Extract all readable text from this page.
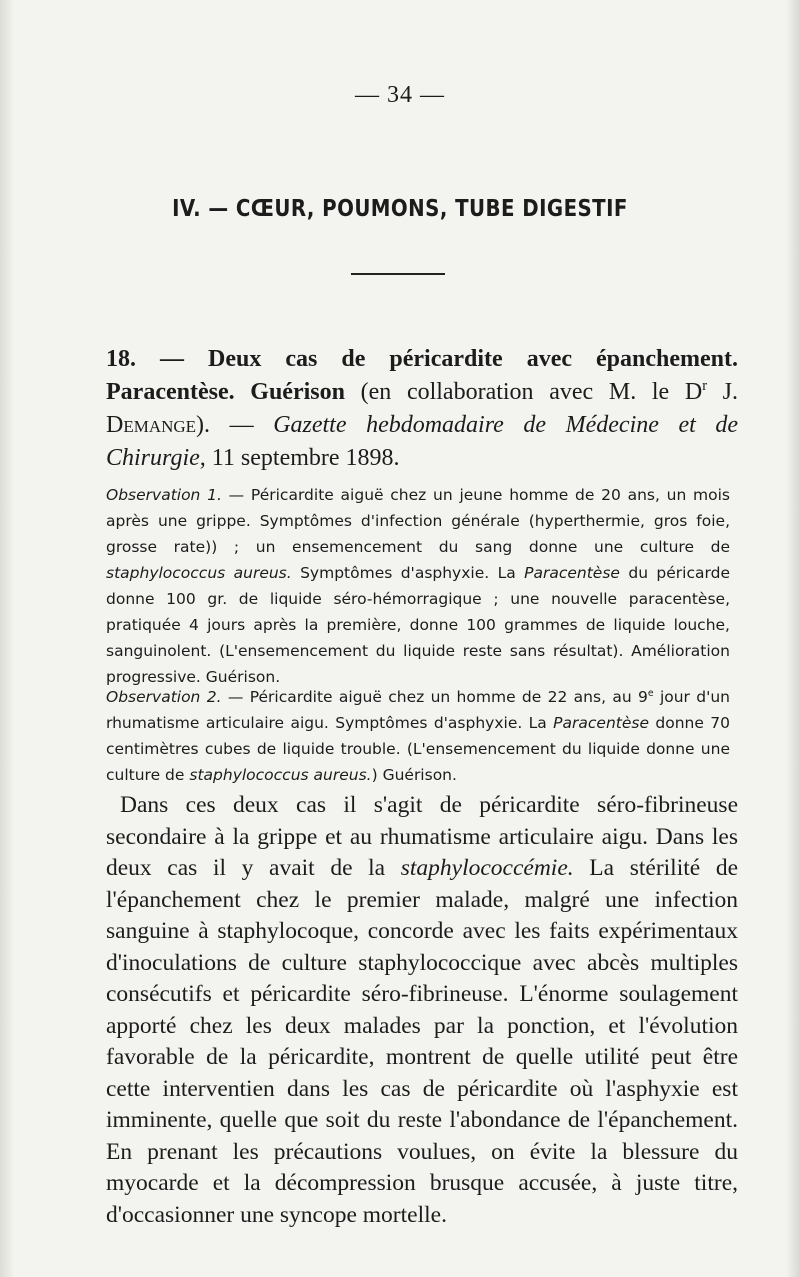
— 34 —
IV. — CŒUR, POUMONS, TUBE DIGESTIF
18. — Deux cas de péricardite avec épanchement. Paracentèse. Guérison (en collaboration avec M. le $D^r$ J. Demange). — Gazette hebdomadaire de Médecine et de Chirurgie, 11 septembre 1898.
Observation 1. — Péricardite aiguë chez un jeune homme de 20 ans, un mois après une grippe. Symptômes d'infection générale (hyperthermie, gros foie, grosse rate)) ; un ensemencement du sang donne une culture de staphylococcus aureus. Symptômes d'asphyxie. La Paracentèse du péricarde donne 100 gr. de liquide séro-hémorragique ; une nouvelle paracentèse, pratiquée 4 jours après la première, donne 100 grammes de liquide louche, sanguinolent. (L'ensemencement du liquide reste sans résultat). Amélioration progressive. Guérison.
Observation 2. — Péricardite aiguë chez un homme de 22 ans, au 9e jour d'un rhumatisme articulaire aigu. Symptômes d'asphyxie. La Paracentèse donne 70 centimètres cubes de liquide trouble. (L'ensemencement du liquide donne une culture de staphylococcus aureus.) Guérison.

Dans ces deux cas il s'agit de péricardite séro-fibrineuse secondaire à la grippe et au rhumatisme articulaire aigu. Dans les deux cas il y avait de la staphylococcémie. La stérilité de l'épanchement chez le premier malade, malgré une infection sanguine à staphylocoque, concorde avec les faits expérimentaux d'inoculations de culture staphylococcique avec abcès multiples consécutifs et péricardite séro-fibrineuse. L'énorme soulagement apporté chez les deux malades par la ponction, et l'évolution favorable de la péricardite, montrent de quelle utilité peut être cette interventien dans les cas de péricardite où l'asphyxie est imminente, quelle que soit du reste l'abondance de l'épanchement. En prenant les précautions voulues, on évite la blessure du myocarde et la décompression brusque accusée, à juste titre, d'occasionner une syncope mortelle.
